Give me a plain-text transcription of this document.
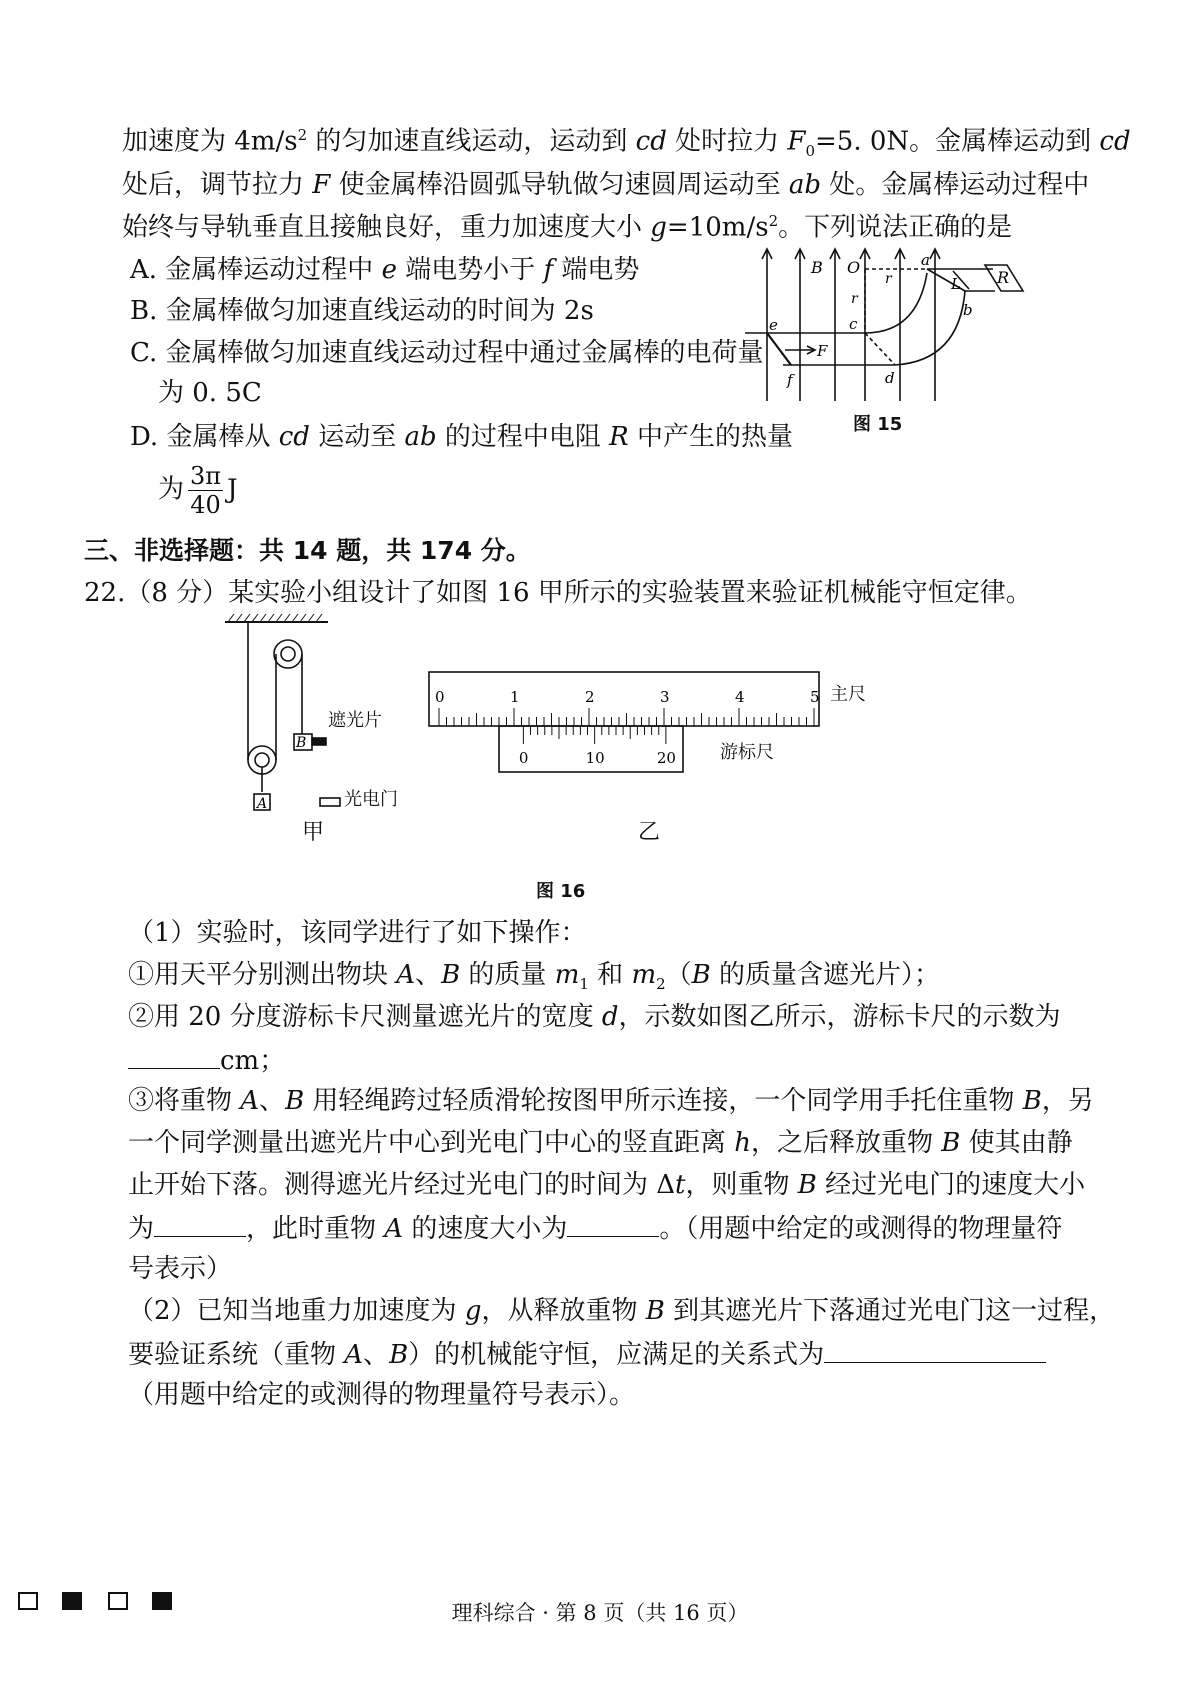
加速度为 $4m/s^2$ 的匀加速直线运动，运动到 cd 处时拉力 $F_0=5$. 0N。金属棒运动到 cd
处后，调节拉力 F 使金属棒沿圆弧导轨做匀速圆周运动至 ab 处。金属棒运动过程中
始终与导轨垂直且接触良好，重力加速度大小 $g=10m/s^2$。下列说法正确的是
A. 金属棒运动过程中 e 端电势小于 f 端电势
B. 金属棒做匀加速直线运动的时间为 2s
C. 金属棒做匀加速直线运动过程中通过金属棒的电荷量
为 0. 5C
D. 金属棒从 cd 运动至 ab 的过程中电阻 R 中产生的热量
为 $\frac{3\pi}{40}$ J
B O	a
r
r
L R
b
c
e
F
f	d
图 15
三、非选择题：共 14 题，共 174 分。
22.（8 分）某实验小组设计了如图 16 甲所示的实验装置来验证机械能守恒定律。
B
A
遮光片
光电门
甲
0	1	2	3	4	5
0	10	20
主尺
游标尺
乙
图 16
（1）实验时，该同学进行了如下操作：
①用天平分别测出物块 A、B 的质量 $m_1$ 和 $m_2(B$ 的质量含遮光片）；
②用 20 分度游标卡尺测量遮光片的宽度 d，示数如图乙所示，游标卡尺的示数为
cm；
③将重物 A、B 用轻绳跨过轻质滑轮按图甲所示连接，一个同学用手托住重物 B，另
一个同学测量出遮光片中心到光电门中心的竖直距离 h，之后释放重物 B 使其由静
止开始下落。测得遮光片经过光电门的时间为 Δt，则重物 B 经过光电门的速度大小
为	，此时重物 A 的速度大小为	。（用题中给定的或测得的物理量符
号表示）
（2）已知当地重力加速度为 g，从释放重物 B 到其遮光片下落通过光电门这一过程，
要验证系统（重物 A、B）的机械能守恒，应满足的关系式为
（用题中给定的或测得的物理量符号表示）。
理科综合 · 第 8 页（共 16 页）
